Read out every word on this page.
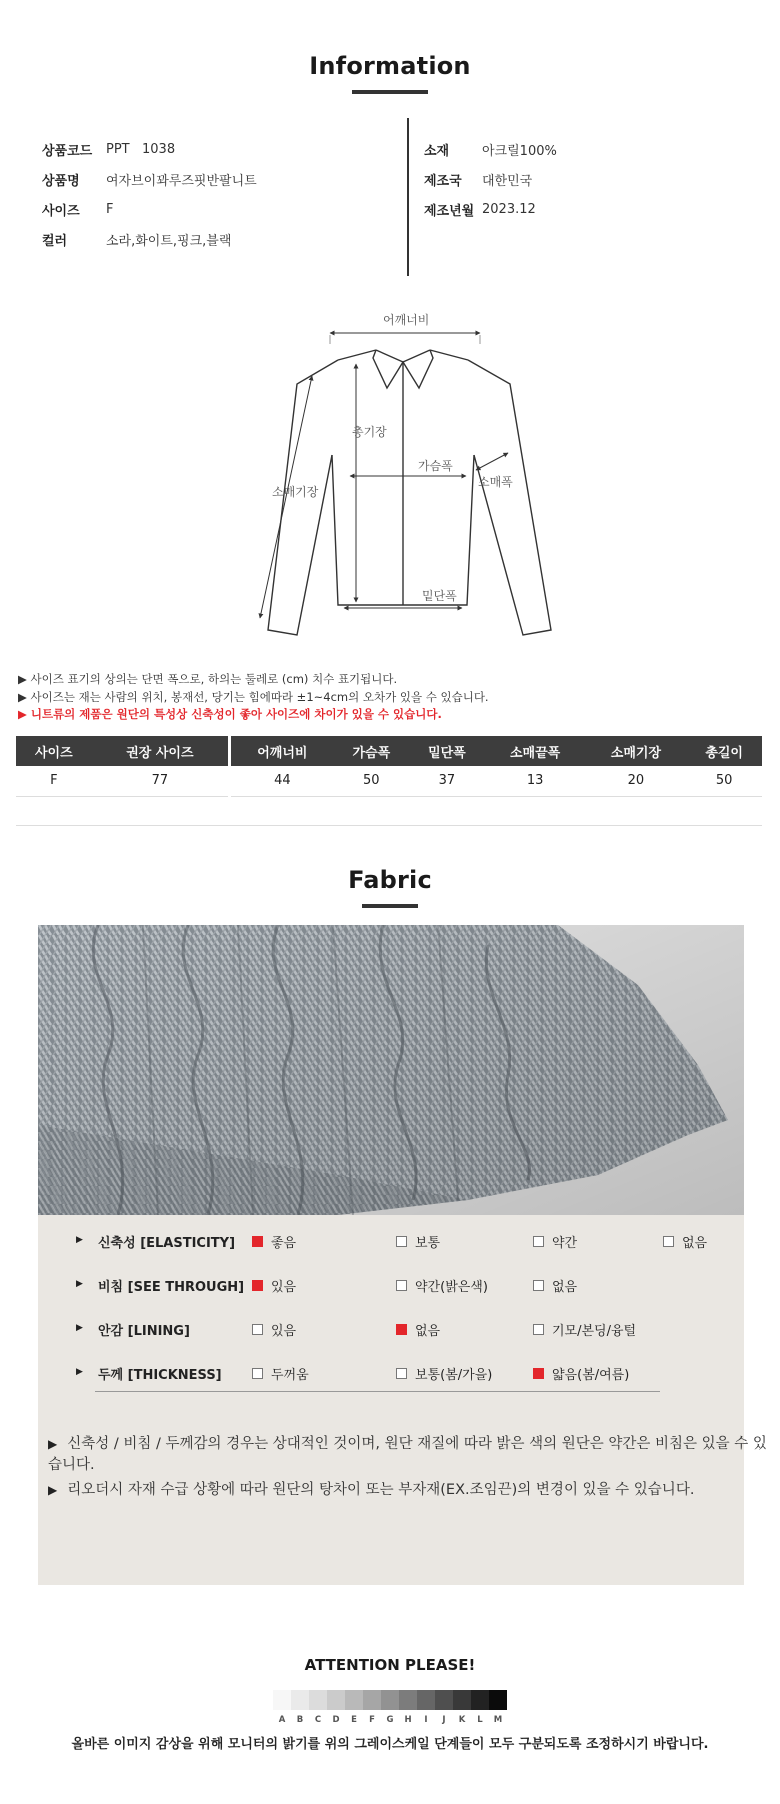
Information
상품코드	PPT   1038
상품명	여자브이꽈루즈핏반팔니트
사이즈	F
컬러	소라,화이트,핑크,블랙
소재	아크릴100%
제조국	대한민국
제조년월 2023.12
어깨너비
총기장
가슴폭
소매폭
소매기장
밑단폭
▶ 사이즈 표기의 상의는 단면 폭으로, 하의는 둘레로 (cm) 치수 표기됩니다.
▶ 사이즈는 재는 사람의 위치, 봉재선, 당기는 힘에따라 ±1~4cm의 오차가 있을 수 있습니다.
▶ 니트류의 제품은 원단의 특성상 신축성이 좋아 사이즈에 차이가 있을 수 있습니다.
사이즈	권장 사이즈	어깨너비	가슴폭	밑단폭	소매끝폭	소매기장	총길이
F	77	44	50	37	13	20	50
Fabric
▶ 신축성 [ELASTICITY]	좋음	보통	약간	없음
▶ 비침 [SEE THROUGH] 있음	약간(밝은색)	없음
▶ 안감 [LINING]	있음	없음	기모/본딩/융털
▶ 두께 [THICKNESS]	두꺼움	보통(봄/가을)	얇음(봄/여름)
▶ 신축성 / 비침 / 두께감의 경우는 상대적인 것이며, 원단 재질에 따라 밝은 색의 원단은 약간은 비침은 있을 수 있습니다.
▶ 리오더시 자재 수급 상황에 따라 원단의 탕차이 또는 부자재(EX.조임끈)의 변경이 있을 수 있습니다.
ATTENTION PLEASE!
올바른 이미지 감상을 위해 모니터의 밝기를 위의 그레이스케일 단계들이 모두 구분되도록 조정하시기 바랍니다.
A	B	C	D	E	F	G	H	I	J	K	L	M
